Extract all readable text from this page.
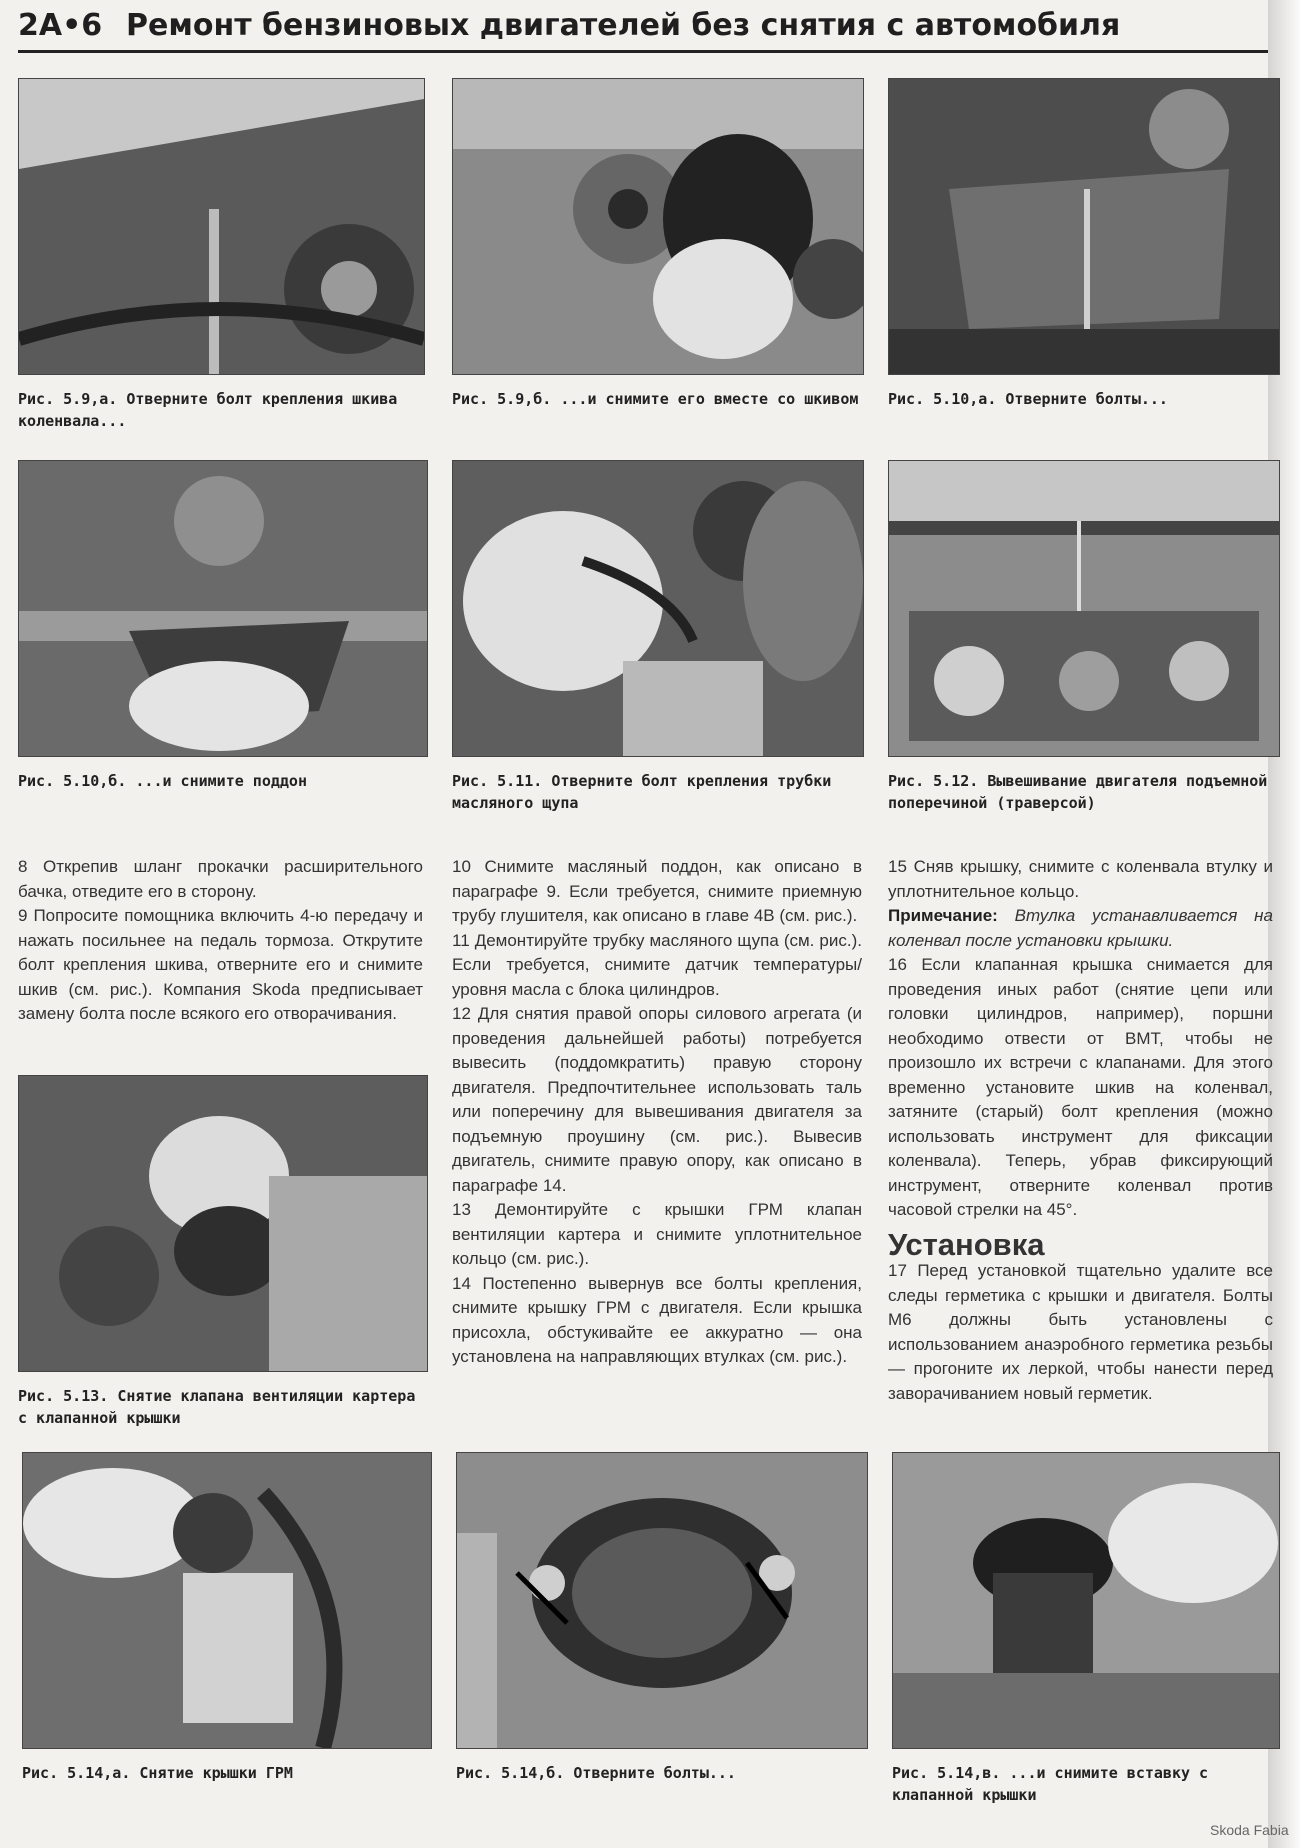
2A•6 Ремонт бензиновых двигателей без снятия с автомобиля
Рис. 5.9,а. Отверните болт крепления шкива коленвала...
Рис. 5.9,б. ...и снимите его вместе со шкивом	Рис. 5.10,а. Отверните болты...
Рис. 5.10,б. ...и снимите поддон	Рис. 5.11. Отверните болт крепления трубки масляного щупа
Рис. 5.12. Вывешивание двигателя подъемной поперечиной (траверсой)

8 Открепив шланг прокачки расширительного бачка, отведите его в сторону.

9 Попросите помощника включить 4-ю передачу и нажать посильнее на педаль тормоза. Открутите болт крепления шкива, отверните его и снимите шкив (см. рис.). Компания Skoda предписывает замену болта после всякого его отворачивания.

10 Снимите масляный поддон, как описано в параграфе 9. Если требуется, снимите приемную трубу глушителя, как описано в главе 4В (см. рис.).

11 Демонтируйте трубку масляного щупа (см. рис.). Если требуется, снимите датчик температуры/уровня масла с блока цилиндров.

12 Для снятия правой опоры силового агрегата (и проведения дальнейшей работы) потребуется вывесить (поддомкратить) правую сторону двигателя. Предпочтительнее использовать таль или поперечину для вывешивания двигателя за подъемную проушину (см. рис.). Вывесив двигатель, снимите правую опору, как описано в параграфе 14.

13 Демонтируйте с крышки ГРМ клапан вентиляции картера и снимите уплотнительное кольцо (см. рис.).

14 Постепенно вывернув все болты крепления, снимите крышку ГРМ с двигателя. Если крышка присохла, обстукивайте ее аккуратно — она установлена на направляющих втулках (см. рис.).

15 Сняв крышку, снимите с коленвала втулку и уплотнительное кольцо.

Примечание: Втулка устанавливается на коленвал после установки крышки.

16 Если клапанная крышка снимается для проведения иных работ (снятие цепи или головки цилиндров, например), поршни необходимо отвести от ВМТ, чтобы не произошло их встречи с клапанами. Для этого временно установите шкив на коленвал, затяните (старый) болт крепления (можно использовать инструмент для фиксации коленвала). Теперь, убрав фиксирующий инструмент, отверните коленвал против часовой стрелки на 45°.

Установка

17 Перед установкой тщательно удалите все следы герметика с крышки и двигателя. Болты М6 должны быть установлены с использованием анаэробного герметика резьбы — прогоните их леркой, чтобы нанести перед заворачиванием новый герметик.

Рис. 5.13. Снятие клапана вентиляции картера с клапанной крышки
Рис. 5.14,а. Снятие крышки ГРМ	Рис. 5.14,б. Отверните болты...	Рис. 5.14,в. ...и снимите вставку с клапанной крышки
Skoda Fabia
